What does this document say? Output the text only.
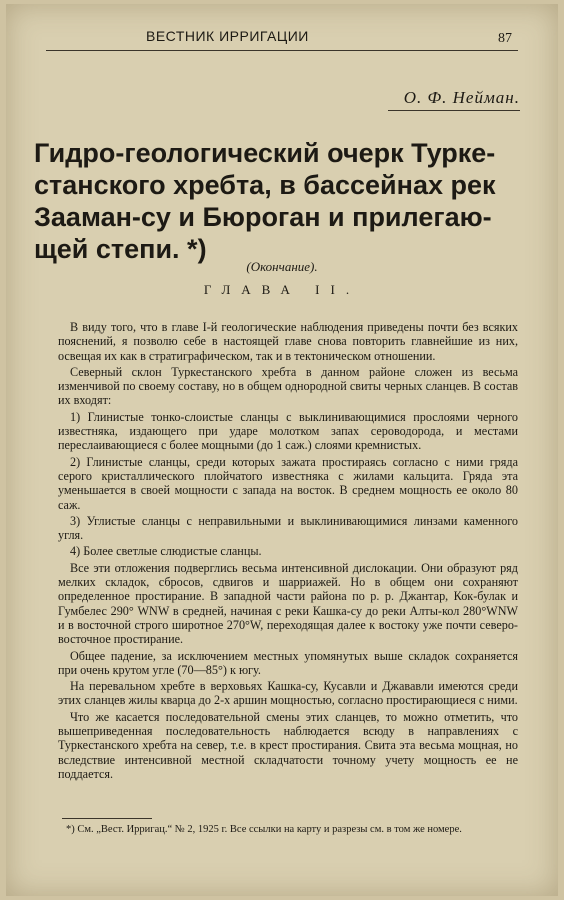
ВЕСТНИК ИРРИГАЦИИ	87
О. Ф. Нейман.
Гидро-геологический очерк Турке-станского хребта, в бассейнах рек Зааман-су и Бюроган и прилегаю-щей степи. *)
(Окончание).
ГЛАВА II.

В виду того, что в главе I-й геологические наблюдения приведены почти без всяких пояснений, я позволю себе в настоящей главе снова повторить главнейшие из них, освещая их как в стратиграфическом, так и в тектоническом отношении.

Северный склон Туркестанского хребта в данном районе сложен из весьма изменчивой по своему составу, но в общем однородной свиты черных сланцев. В состав их входят:

1) Глинистые тонко-слоистые сланцы с выклинивающимися прослоями черного известняка, издающего при ударе молотком запах сероводорода, и местами переслаивающиеся с более мощными (до 1 саж.) слоями кремнистых.

2) Глинистые сланцы, среди которых зажата простираясь согласно с ними гряда серого кристаллического плойчатого известняка с жилами кальцита. Гряда эта уменьшается в своей мощности с запада на восток. В среднем мощность ее около 80 саж.

3) Углистые сланцы с неправильными и выклинивающимися линзами каменного угля.

4) Более светлые слюдистые сланцы.

Все эти отложения подверглись весьма интенсивной дислокации. Они образуют ряд мелких складок, сбросов, сдвигов и шарриажей. Но в общем они сохраняют определенное простирание. В западной части района по р. р. Джантар, Кок-булак и Гумбелес 290° WNW в средней, начиная с реки Кашка-су до реки Алты-кол 280°WNW и в восточной строго широтное 270°W, переходящая далее к востоку уже почти северо-восточное простирание.

Общее падение, за исключением местных упомянутых выше складок сохраняется при очень крутом угле (70—85°) к югу.

На перевальном хребте в верховьях Кашка-су, Кусавли и Джававли имеются среди этих сланцев жилы кварца до 2-х аршин мощностью, согласно простирающиеся с ними.

Что же касается последовательной смены этих сланцев, то можно отметить, что вышеприведенная последовательность наблюдается всюду в направлениях с Туркестанского хребта на север, т.е. в крест простирания. Свита эта весьма мощная, но вследствие интенсивной местной складчатости точному учету мощность ее не поддается.

*) См. „Вест. Ирригац.“ № 2, 1925 г. Все ссылки на карту и разрезы см. в том же номере.
